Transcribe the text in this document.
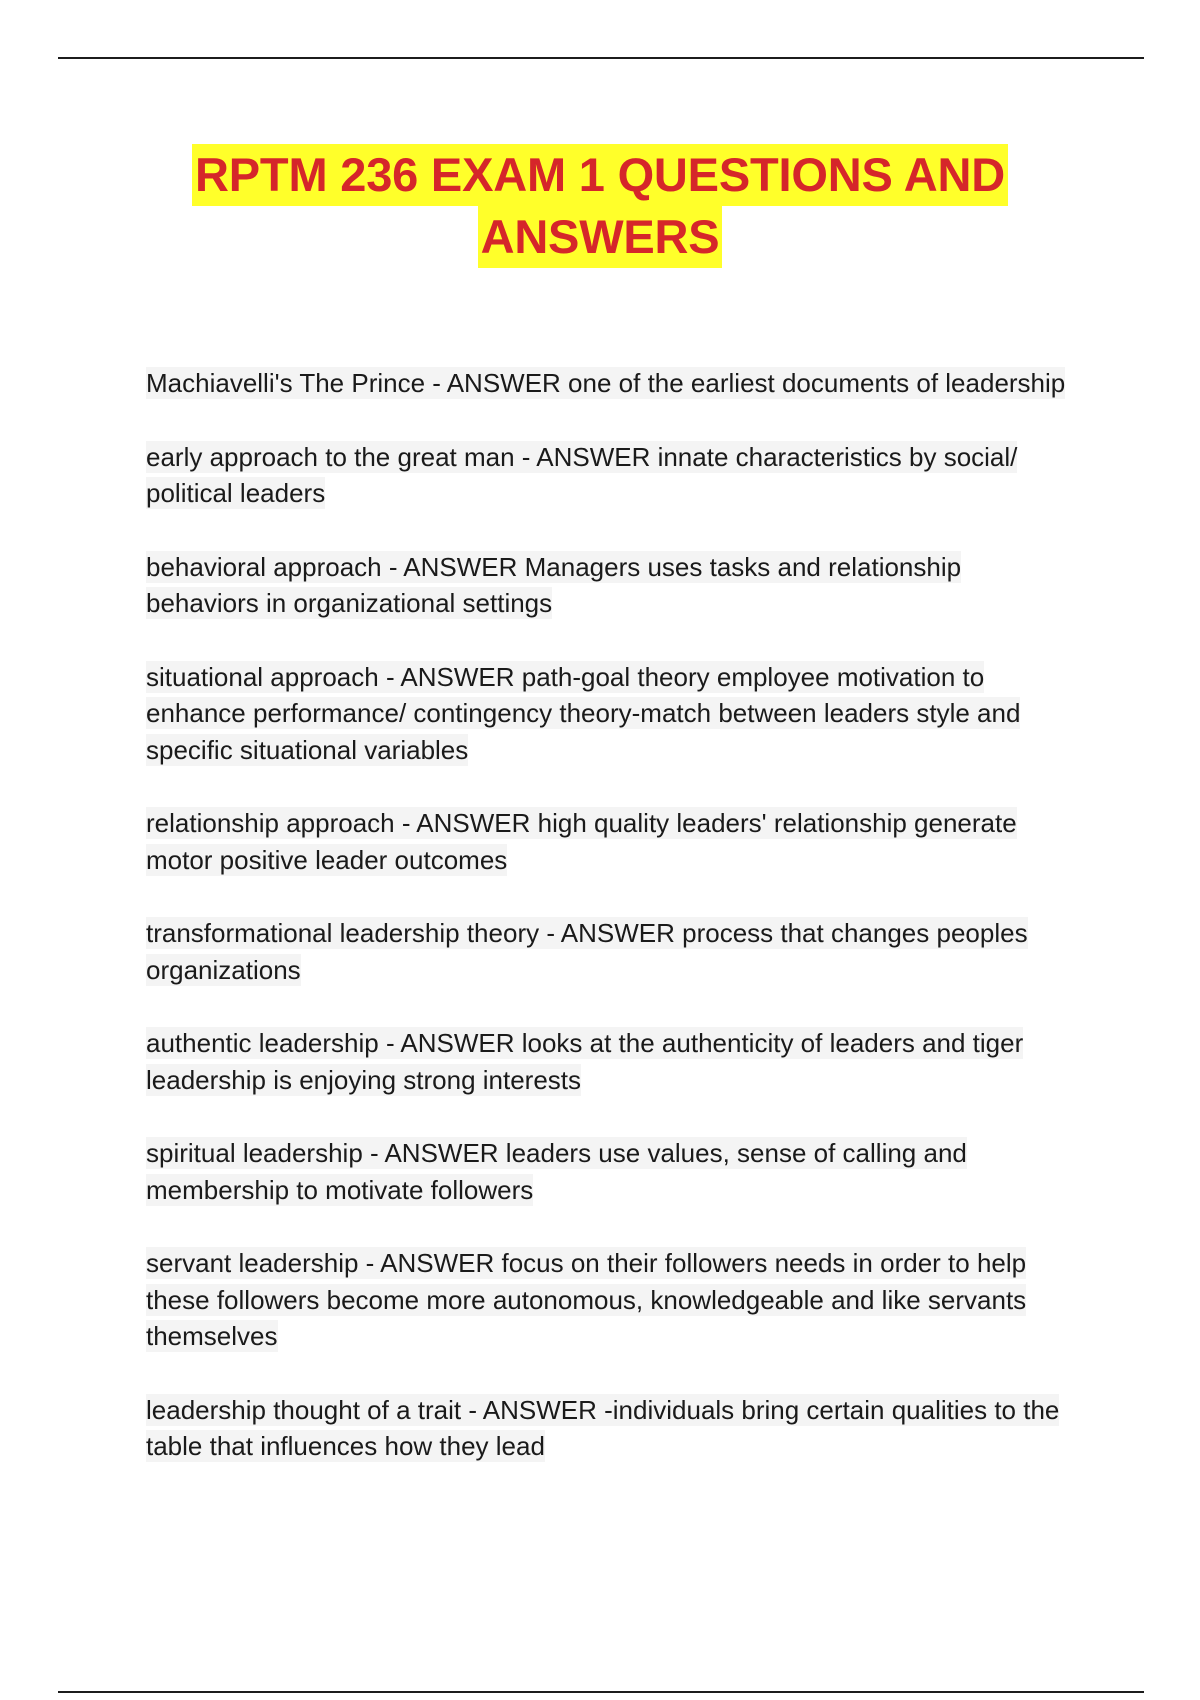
RPTM 236 EXAM 1 QUESTIONS AND
ANSWERS
Machiavelli's The Prince - ANSWER one of the earliest documents of leadership
early approach to the great man - ANSWER innate characteristics by social/ political leaders
behavioral approach - ANSWER Managers uses tasks and relationship behaviors in organizational settings
situational approach - ANSWER path-goal theory employee motivation to enhance performance/ contingency theory-match between leaders style and specific situational variables
relationship approach - ANSWER high quality leaders' relationship generate motor positive leader outcomes
transformational leadership theory - ANSWER process that changes peoples organizations
authentic leadership - ANSWER looks at the authenticity of leaders and tiger leadership is enjoying strong interests
spiritual leadership - ANSWER leaders use values, sense of calling and membership to motivate followers
servant leadership - ANSWER focus on their followers needs in order to help these followers become more autonomous, knowledgeable and like servants themselves
leadership thought of a trait - ANSWER -individuals bring certain qualities to the table that influences how they lead
